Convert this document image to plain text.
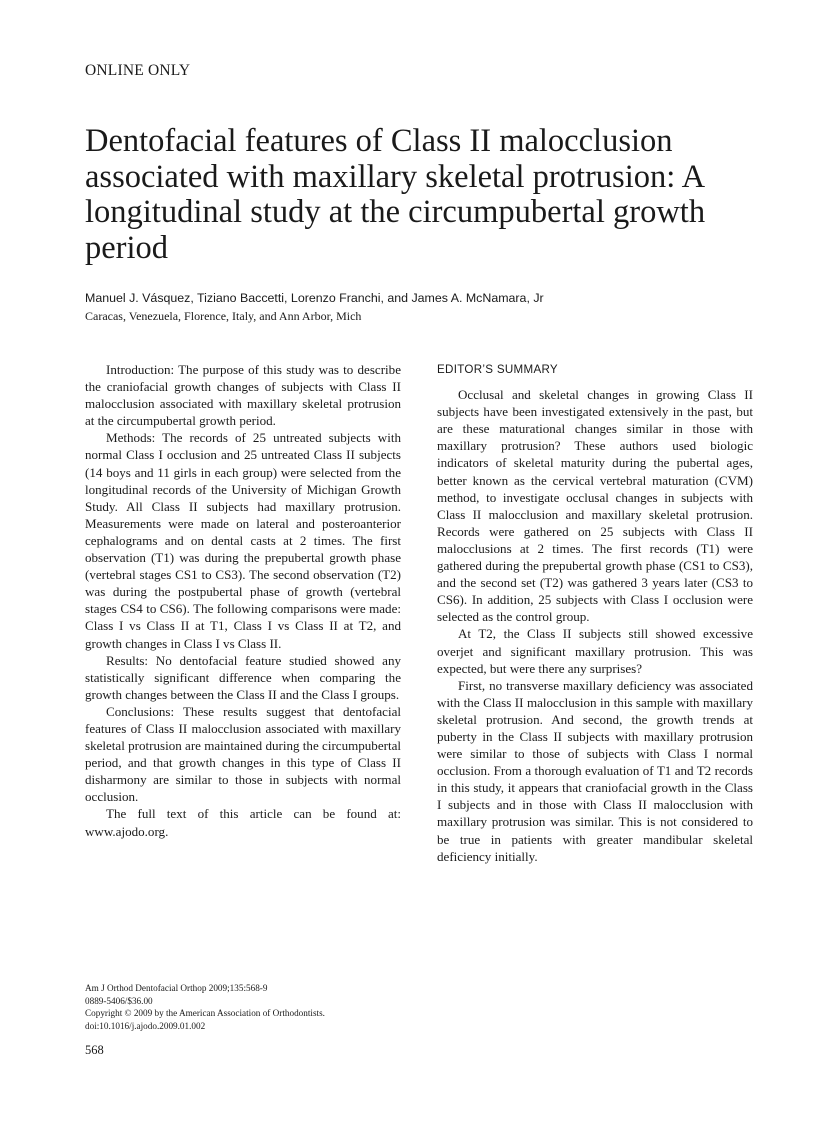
ONLINE ONLY
Dentofacial features of Class II malocclusion associated with maxillary skeletal protrusion: A longitudinal study at the circumpubertal growth period
Manuel J. Vásquez, Tiziano Baccetti, Lorenzo Franchi, and James A. McNamara, Jr
Caracas, Venezuela, Florence, Italy, and Ann Arbor, Mich

Introduction: The purpose of this study was to describe the craniofacial growth changes of subjects with Class II malocclusion associated with maxillary skeletal protrusion at the circumpubertal growth period.

Methods: The records of 25 untreated subjects with normal Class I occlusion and 25 untreated Class II subjects (14 boys and 11 girls in each group) were selected from the longitudinal records of the University of Michigan Growth Study. All Class II subjects had maxillary protrusion. Measurements were made on lateral and posteroanterior cephalograms and on dental casts at 2 times. The first observation (T1) was during the prepubertal growth phase (vertebral stages CS1 to CS3). The second observation (T2) was during the postpubertal phase of growth (vertebral stages CS4 to CS6). The following comparisons were made: Class I vs Class II at T1, Class I vs Class II at T2, and growth changes in Class I vs Class II.

Results: No dentofacial feature studied showed any statistically significant difference when comparing the growth changes between the Class II and the Class I groups.

Conclusions: These results suggest that dentofacial features of Class II malocclusion associated with maxillary skeletal protrusion are maintained during the circumpubertal period, and that growth changes in this type of Class II disharmony are similar to those in subjects with normal occlusion.

The full text of this article can be found at: www.ajodo.org.

EDITOR’S SUMMARY

Occlusal and skeletal changes in growing Class II subjects have been investigated extensively in the past, but are these maturational changes similar in those with maxillary protrusion? These authors used biologic indicators of skeletal maturity during the pubertal ages, better known as the cervical vertebral maturation (CVM) method, to investigate occlusal changes in subjects with Class II malocclusion and maxillary skeletal protrusion. Records were gathered on 25 subjects with Class II malocclusions at 2 times. The first records (T1) were gathered during the prepubertal growth phase (CS1 to CS3), and the second set (T2) was gathered 3 years later (CS3 to CS6). In addition, 25 subjects with Class I occlusion were selected as the control group.

At T2, the Class II subjects still showed excessive overjet and significant maxillary protrusion. This was expected, but were there any surprises?

First, no transverse maxillary deficiency was associated with the Class II malocclusion in this sample with maxillary skeletal protrusion. And second, the growth trends at puberty in the Class II subjects with maxillary protrusion were similar to those of subjects with Class I normal occlusion. From a thorough evaluation of T1 and T2 records in this study, it appears that craniofacial growth in the Class I subjects and in those with Class II malocclusion with maxillary protrusion was similar. This is not considered to be true in patients with greater mandibular skeletal deficiency initially.

Am J Orthod Dentofacial Orthop 2009;135:568-9
0889-5406/$36.00
Copyright © 2009 by the American Association of Orthodontists.
doi:10.1016/j.ajodo.2009.01.002
568
